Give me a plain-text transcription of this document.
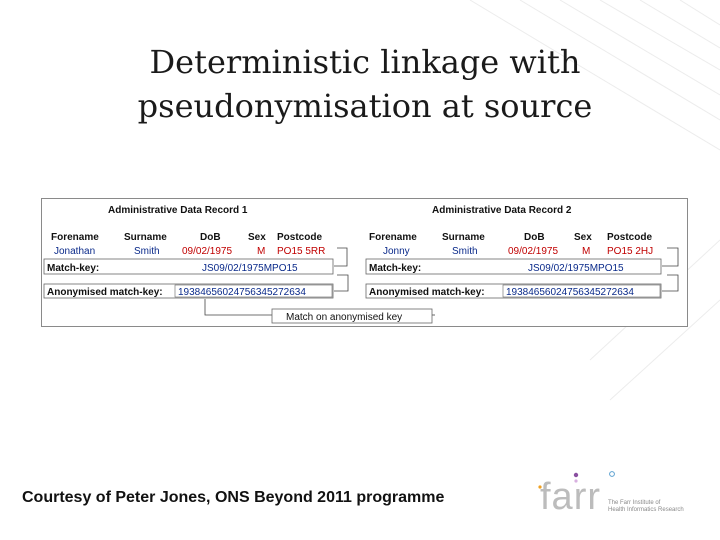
Deterministic linkage with
pseudonymisation at source
Administrative Data Record 1
Forename	Surname	DoB	Sex Postcode
Jonathan	Smith 09/02/1975 M PO15 5RR
Match-key:	JS09/02/1975MPO15
Anonymised match-key: 19384656024756345272634
Administrative Data Record 2
Forename	Surname	DoB	Sex Postcode
Jonny	Smith	09/02/1975 M PO15 2HJ
Match-key:	JS09/02/1975MPO15
Anonymised match-key: 19384656024756345272634
Match on anonymised key
Courtesy of Peter Jones, ONS Beyond 2011 programme	farr The Farr Institute of
Health Informatics Research
